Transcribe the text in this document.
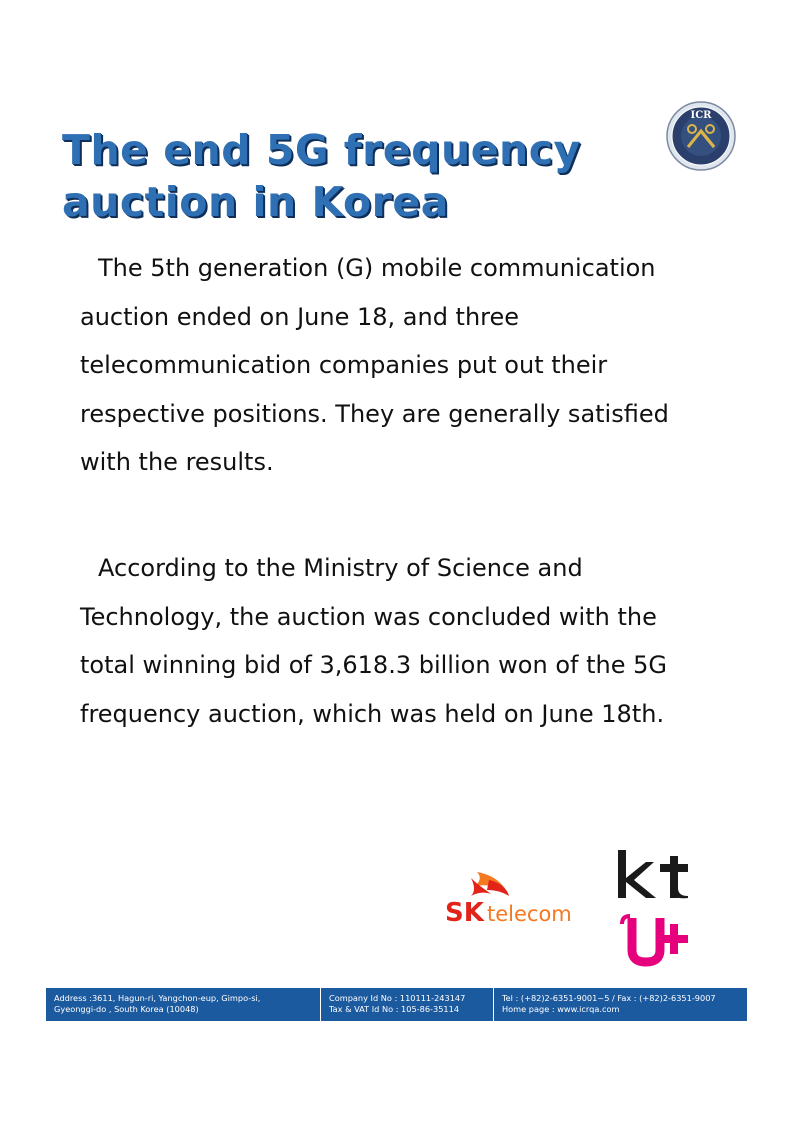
The end 5G frequency auction in Korea
ICR

The 5th generation (G) mobile communication auction ended on June 18, and three telecommunication companies put out their respective positions. They are generally satisfied with the results.

According to the Ministry of Science and Technology, the auction was concluded with the total winning bid of 3,618.3 billion won of the 5G frequency auction, which was held on June 18th.

SK telecom
kt
U+
Address :3611, Hagun-ri, Yangchon-eup, Gimpo-si,
Gyeonggi-do , South Korea (10048)
Company Id No : 110111-243147
Tax & VAT Id No : 105-86-35114
Tel : (+82)2-6351-9001~5 / Fax : (+82)2-6351-9007
Home page : www.icrqa.com
